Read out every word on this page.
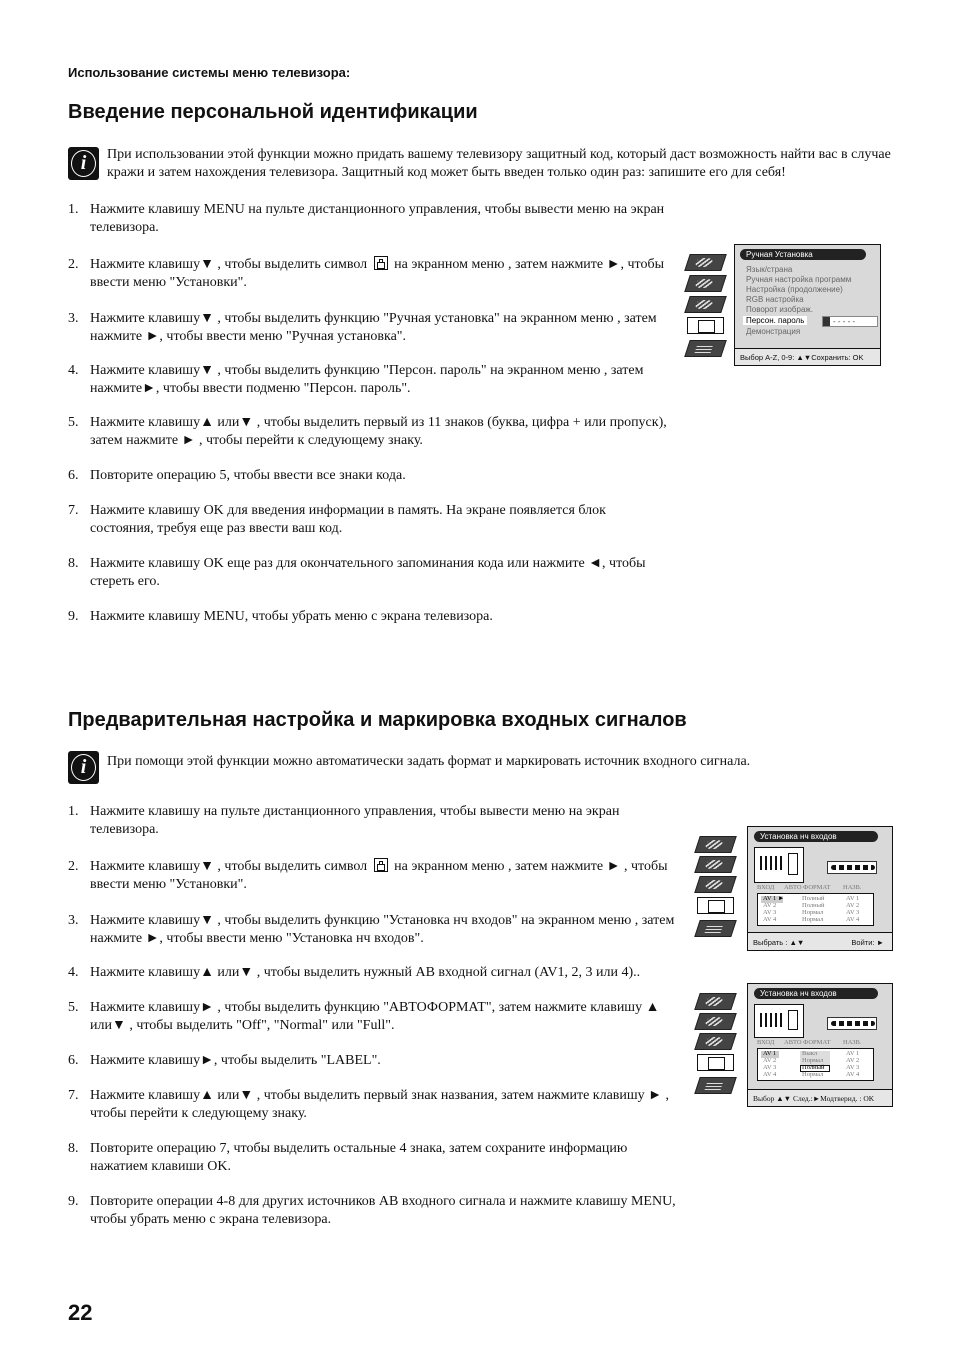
Использование системы меню телевизора:
Введение персональной идентификации
i	При использовании этой функции можно придать вашему телевизору защитный код, который даст возможность найти вас в случае кражи и затем нахождения телевизора. Защитный код может быть введен только один раз: запишите его для себя!
1. Нажмите клавишу MENU на пульте дистанционного управления, чтобы вывести меню на экран телевизора.
2. Нажмите клавишу▼ , чтобы выделить символ на экранном меню , затем нажмите ►, чтобы ввести меню "Установки".
3. Нажмите клавишу▼ , чтобы выделить функцию "Ручная установка" на экранном меню , затем нажмите ►, чтобы ввести меню "Ручная установка".
4. Нажмите клавишу▼ , чтобы выделить функцию "Персон. пароль" на экранном меню , затем нажмите►, чтобы ввести подменю "Персон. пароль".
5. Нажмите клавишу▲ или▼ , чтобы выделить первый из 11 знаков (буква, цифра + или пропуск), затем нажмите ► , чтобы перейти к следующему знаку.
6. Повторите операцию 5, чтобы ввести все знаки кода.
7. Нажмите клавишу OK для введения информации в память. На экране появляется блок состояния, требуя еще раз ввести ваш код.
8. Нажмите клавишу OK еще раз для окончательного запоминания кода или нажмите ◄, чтобы стереть его.
9. Нажмите клавишу MENU, чтобы убрать меню с экрана телевизора.
Ручная Установка
Язык/страна
Ручная настройка программ
Настройка (продолжение)
RGB настройка
Поворот изображ.
Персон. пароль	- - - - -
Демонстрация
Выбор A-Z, 0-9: ▲▼Сохранить: OK
Предварительная настройка и маркировка входных сигналов
i	При помощи этой функции можно автоматически задать формат и маркировать источник входного сигнала.
1. Нажмите клавишу на пульте дистанционного управления, чтобы вывести меню на экран телевизора.
2. Нажмите клавишу▼ , чтобы выделить символ на экранном меню , затем нажмите ► , чтобы ввести меню "Установки".
3. Нажмите клавишу▼ , чтобы выделить функцию "Установка нч входов" на экранном меню , затем нажмите ►, чтобы ввести меню "Установка нч входов".
4. Нажмите клавишу▲ или▼ , чтобы выделить нужный АВ входной сигнал (AV1, 2, 3 или 4)..
5. Нажмите клавишу► , чтобы выделить функцию "АВТОФОРМАТ", затем нажмите клавишу ▲ или▼ , чтобы выделить "Off", "Normal" или "Full".
6. Нажмите клавишу►, чтобы выделить "LABEL".
7. Нажмите клавишу▲ или▼ , чтобы выделить первый знак названия, затем нажмите клавишу ► , чтобы перейти к следующему знаку.
8. Повторите операцию 7, чтобы выделить остальные 4 знака, затем сохраните информацию нажатием клавиши OK.
9. Повторите операции 4-8 для других источников АВ входного сигнала и нажмите клавишу MENU, чтобы убрать меню с экрана телевизора.
Установка нч входов
ВХОД АВТО ФОРМАТ НАЗВ.
AV 1 ►	Полный	AV 1
AV 2	Полный	AV 2
AV 3	Нормал	AV 3
AV 4	Нормал	AV 4
Выбрать : ▲▼	Войти: ►
Установка нч входов
ВХОД АВТО ФОРМАТ НАЗВ.
AV 1	Выкл	AV 1
AV 2	Нормал	AV 2
AV 3	Полный	AV 3
AV 4	Нормал	AV 4
Выбор ▲▼ След.:►Модтверид. : OK
22
